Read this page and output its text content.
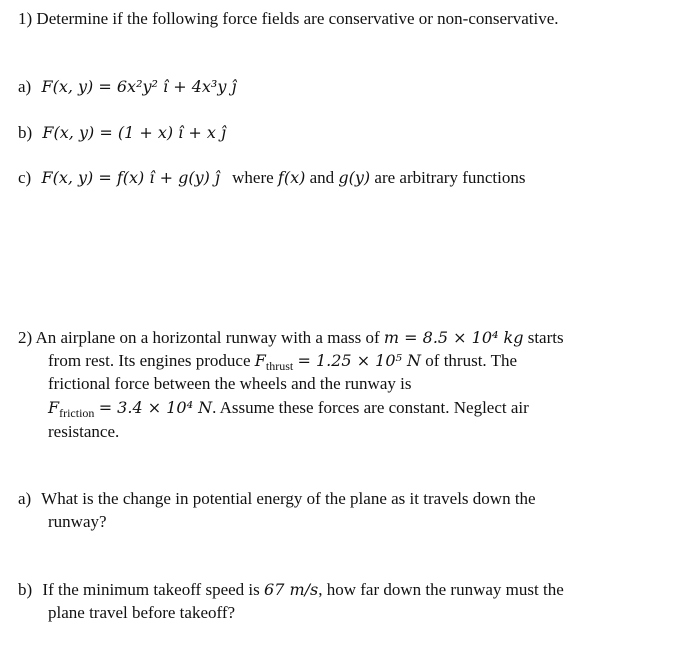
1) Determine if the following force fields are conservative or non-conservative.
a) F(x, y) = 6x²y² î + 4x³y ĵ
b) F(x, y) = (1 + x) î + x ĵ
c) F(x, y) = f(x) î + g(y) ĵ where f(x) and g(y) are arbitrary functions
2) An airplane on a horizontal runway with a mass of m = 8.5 × 10⁴ kg starts
from rest. Its engines produce $F_{thrust} = 1.25 \times 10^5$ N of thrust. The
frictional force between the wheels and the runway is
$F_{friction} = 3.4 \times 10^4$ N. Assume these forces are constant. Neglect air
resistance.
a) What is the change in potential energy of the plane as it travels down the
runway?
b) If the minimum takeoff speed is 67 m/s, how far down the runway must the
plane travel before takeoff?
